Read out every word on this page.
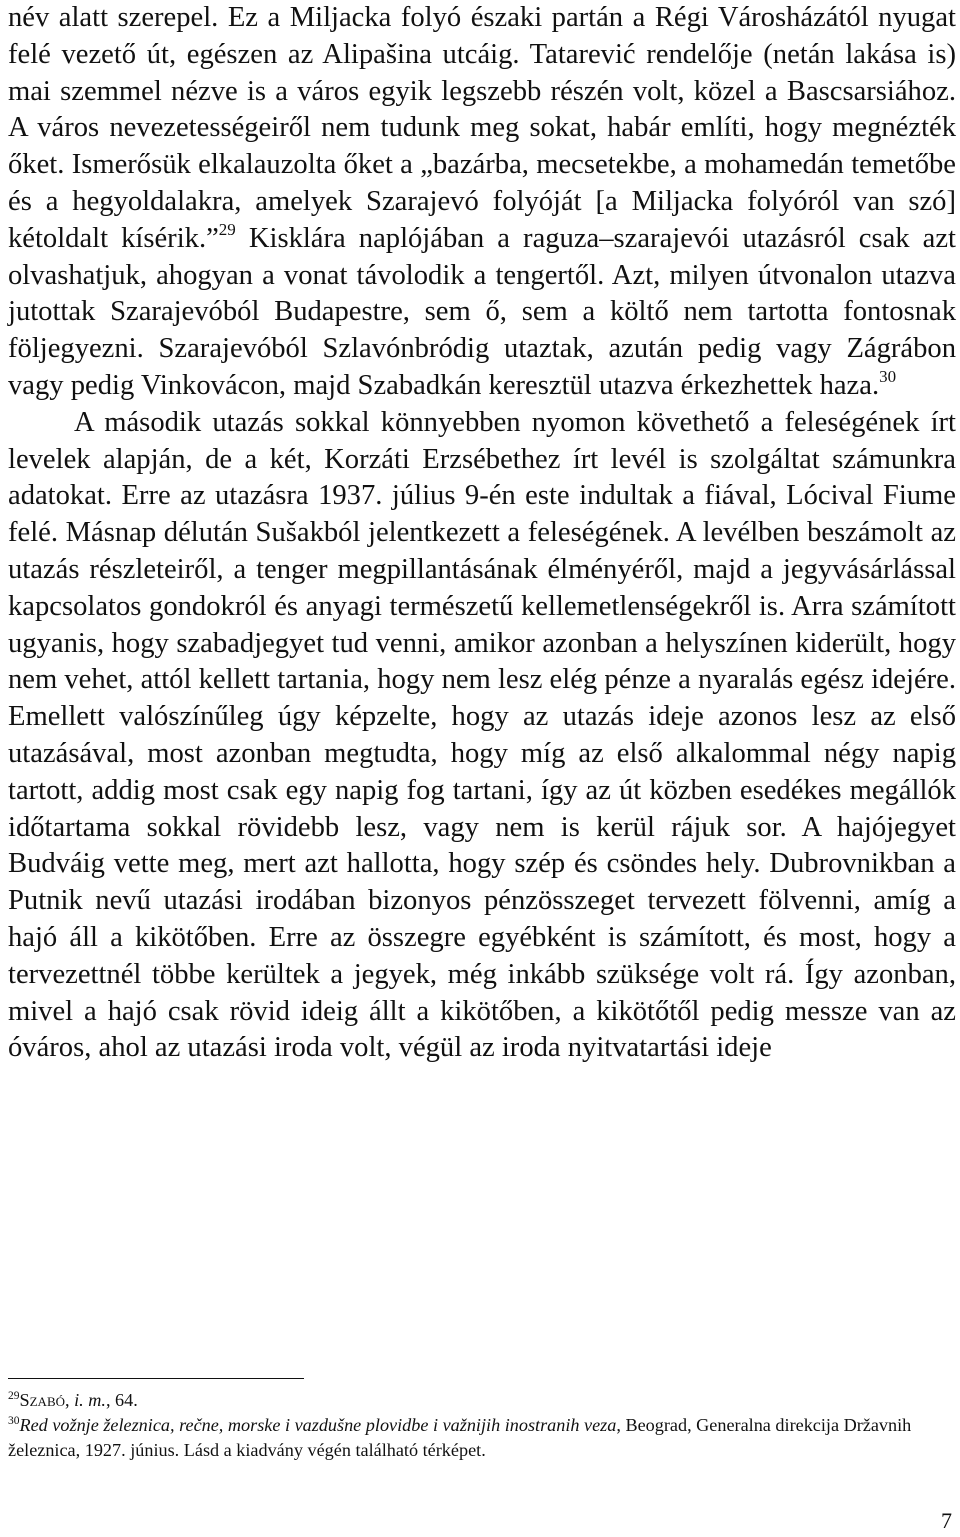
név alatt szerepel. Ez a Miljacka folyó északi partán a Régi Városházától nyugat felé vezető út, egészen az Alipašina utcáig. Tatarević rendelője (netán lakása is) mai szemmel nézve is a város egyik legszebb részén volt, közel a Bascsarsiához. A város nevezetességeiről nem tudunk meg sokat, habár említi, hogy megnézték őket. Ismerősük elkalauzolta őket a „bazárba, mecsetekbe, a mohamedán temetőbe és a hegyoldalakra, amelyek Szarajevó folyóját [a Miljacka folyóról van szó] kétoldalt kísérik.”$^{29}$ Kisklára naplójában a raguza–szarajevói utazásról csak azt olvashatjuk, ahogyan a vonat távolodik a tengertől. Azt, milyen útvonalon utazva jutottak Szarajevóból Budapestre, sem ő, sem a költő nem tartotta fontosnak följegyezni. Szarajevóból Szlavónbródig utaztak, azután pedig vagy Zágrábon vagy pedig Vinkovácon, majd Szabadkán keresztül utazva érkezhettek haza.$^{30}$

A második utazás sokkal könnyebben nyomon követhető a feleségének írt levelek alapján, de a két, Korzáti Erzsébethez írt levél is szolgáltat számunkra adatokat. Erre az utazásra 1937. július 9-én este indultak a fiával, Lócival Fiume felé. Másnap délután Sušakból jelentkezett a feleségének. A levélben beszámolt az utazás részleteiről, a tenger megpillantásának élményéről, majd a jegyvásárlással kapcsolatos gondokról és anyagi természetű kellemetlenségekről is. Arra számított ugyanis, hogy szabadjegyet tud venni, amikor azonban a helyszínen kiderült, hogy nem vehet, attól kellett tartania, hogy nem lesz elég pénze a nyaralás egész idejére. Emellett valószínűleg úgy képzelte, hogy az utazás ideje azonos lesz az első utazásával, most azonban megtudta, hogy míg az első alkalommal négy napig tartott, addig most csak egy napig fog tartani, így az út közben esedékes megállók időtartama sokkal rövidebb lesz, vagy nem is kerül rájuk sor. A hajójegyet Budváig vette meg, mert azt hallotta, hogy szép és csöndes hely. Dubrovnikban a Putnik nevű utazási irodában bizonyos pénzösszeget tervezett fölvenni, amíg a hajó áll a kikötőben. Erre az összegre egyébként is számított, és most, hogy a tervezettnél többe kerültek a jegyek, még inkább szüksége volt rá. Így azonban, mivel a hajó csak rövid ideig állt a kikötőben, a kikötőtől pedig messze van az óváros, ahol az utazási iroda volt, végül az iroda nyitvatartási ideje

$^{29}$Szabó, i. m., 64.

$^{30}$Red vožnje železnica, rečne, morske i vazdušne plovidbe i važnijih inostranih veza, Beograd, Generalna direkcija Državnih železnica, 1927. június. Lásd a kiadvány végén található térképet.

7
